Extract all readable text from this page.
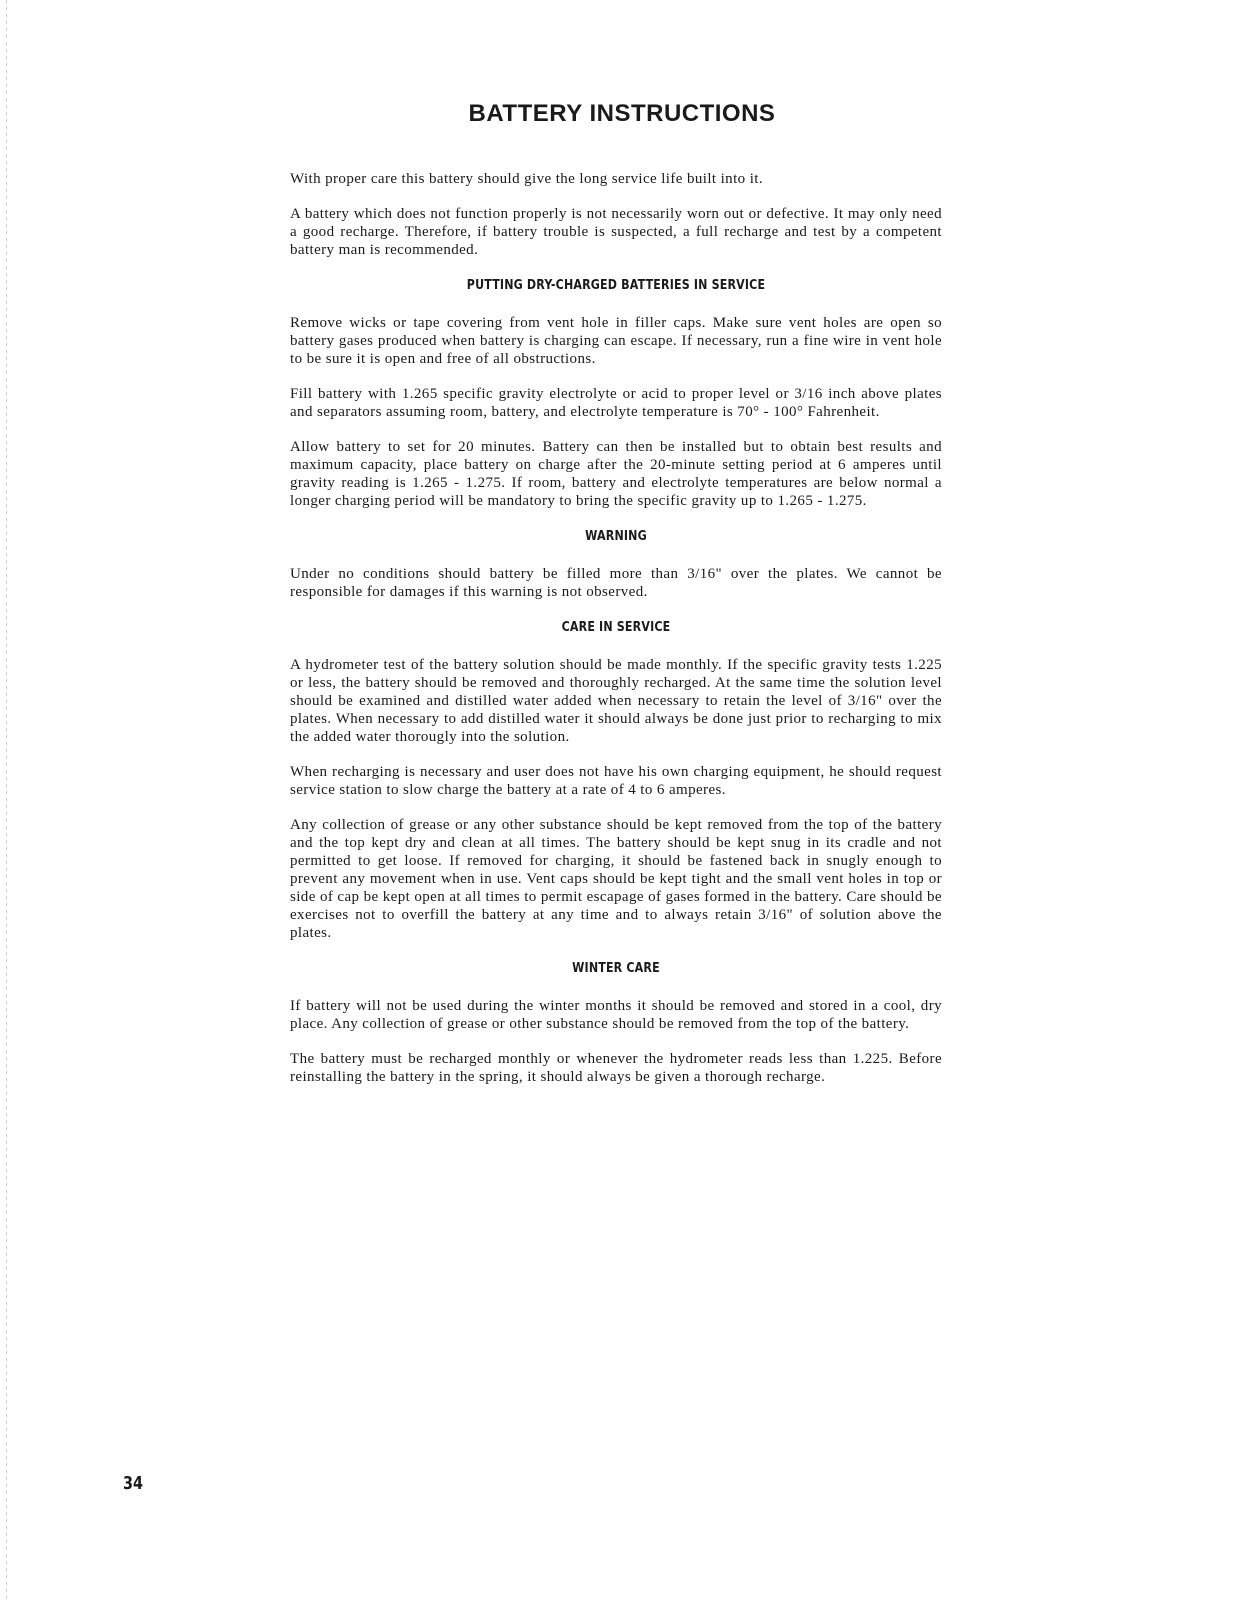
BATTERY INSTRUCTIONS

With proper care this battery should give the long service life built into it.

A battery which does not function properly is not necessarily worn out or defective. It may only need a good recharge. Therefore, if battery trouble is suspected, a full recharge and test by a competent battery man is recommended.

PUTTING DRY-CHARGED BATTERIES IN SERVICE

Remove wicks or tape covering from vent hole in filler caps. Make sure vent holes are open so battery gases produced when battery is charging can escape. If necessary, run a fine wire in vent hole to be sure it is open and free of all obstructions.

Fill battery with 1.265 specific gravity electrolyte or acid to proper level or 3/16 inch above plates and separators assuming room, battery, and electrolyte temperature is 70° - 100° Fahrenheit.

Allow battery to set for 20 minutes. Battery can then be installed but to obtain best results and maximum capacity, place battery on charge after the 20-minute setting period at 6 amperes until gravity reading is 1.265 - 1.275. If room, battery and electrolyte temperatures are below normal a longer charging period will be mandatory to bring the specific gravity up to 1.265 - 1.275.

WARNING

Under no conditions should battery be filled more than 3/16" over the plates. We cannot be responsible for damages if this warning is not observed.

CARE IN SERVICE

A hydrometer test of the battery solution should be made monthly. If the specific gravity tests 1.225 or less, the battery should be removed and thoroughly recharged. At the same time the solution level should be examined and distilled water added when necessary to retain the level of 3/16" over the plates. When necessary to add distilled water it should always be done just prior to recharging to mix the added water thorougly into the solution.

When recharging is necessary and user does not have his own charging equipment, he should request service station to slow charge the battery at a rate of 4 to 6 amperes.

Any collection of grease or any other substance should be kept removed from the top of the battery and the top kept dry and clean at all times. The battery should be kept snug in its cradle and not permitted to get loose. If removed for charging, it should be fastened back in snugly enough to prevent any movement when in use. Vent caps should be kept tight and the small vent holes in top or side of cap be kept open at all times to permit escapage of gases formed in the battery. Care should be exercises not to overfill the battery at any time and to always retain 3/16" of solution above the plates.

WINTER CARE

If battery will not be used during the winter months it should be removed and stored in a cool, dry place. Any collection of grease or other substance should be removed from the top of the battery.

The battery must be recharged monthly or whenever the hydrometer reads less than 1.225. Before reinstalling the battery in the spring, it should always be given a thorough recharge.

34
